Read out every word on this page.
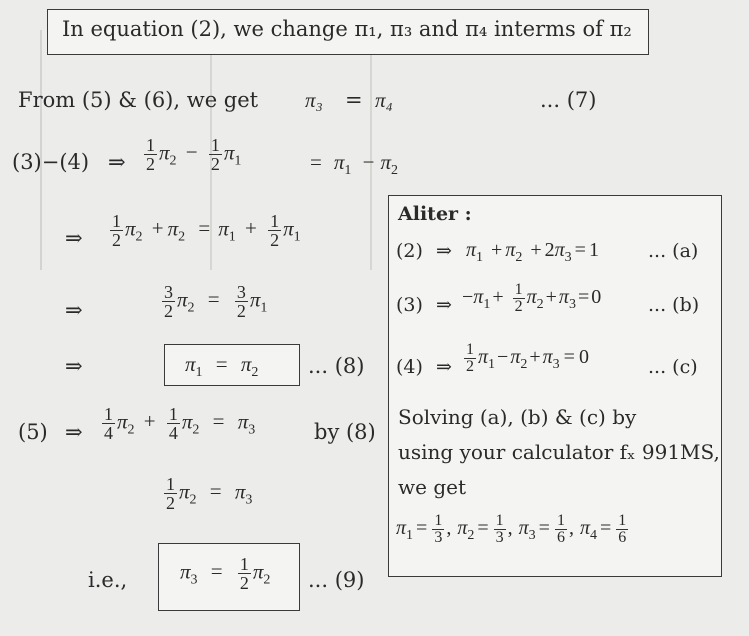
In equation (2), we change π₁, π₃ and π₄ interms of π₂
From (5) & (6), we get π₃ = π₄	... (7)
(3)−(4) ⇒ $\frac{1}{2} \pi_2 - \frac{1}{2} \pi_1$	= $\pi_1 - \pi_2$
⇒ $\frac{1}{2} \pi_2 + \pi_2 = \pi_1 + \frac{1}{2} \pi_1$
⇒	$\frac{3}{2} \pi_2 = \frac{3}{2} \pi_1$
⇒	$\pi_1 = \pi_2$ ... (8)
(5) ⇒ $\frac{1}{4} \pi_2 + \frac{1}{4} \pi_2 = \pi_3$	by (8)
$\frac{1}{2} \pi_2 = \pi_3$
i.e.,	$\pi_3 = \frac{1}{2} \pi_2$ ... (9)
Aliter :
(2) ⇒ $\pi_1 + \pi_2 + 2\pi_3 = 1$	... (a)
(3) ⇒ $-\pi_1 + \frac{1}{2} \pi_2 + \pi_3 = 0$ ... (b)
(4) ⇒ $\frac{1}{2} \pi_1 - \pi_2 + \pi_3 = 0$	... (c)
Solving (a), (b) & (c) by
using your calculator fₓ 991MS,
we get
$\pi_1 = \frac{1}{3}$ , $\pi_2 = \frac{1}{3}$ , $\pi_3 = \frac{1}{6}$ , $\pi_4 = \frac{1}{6}$
